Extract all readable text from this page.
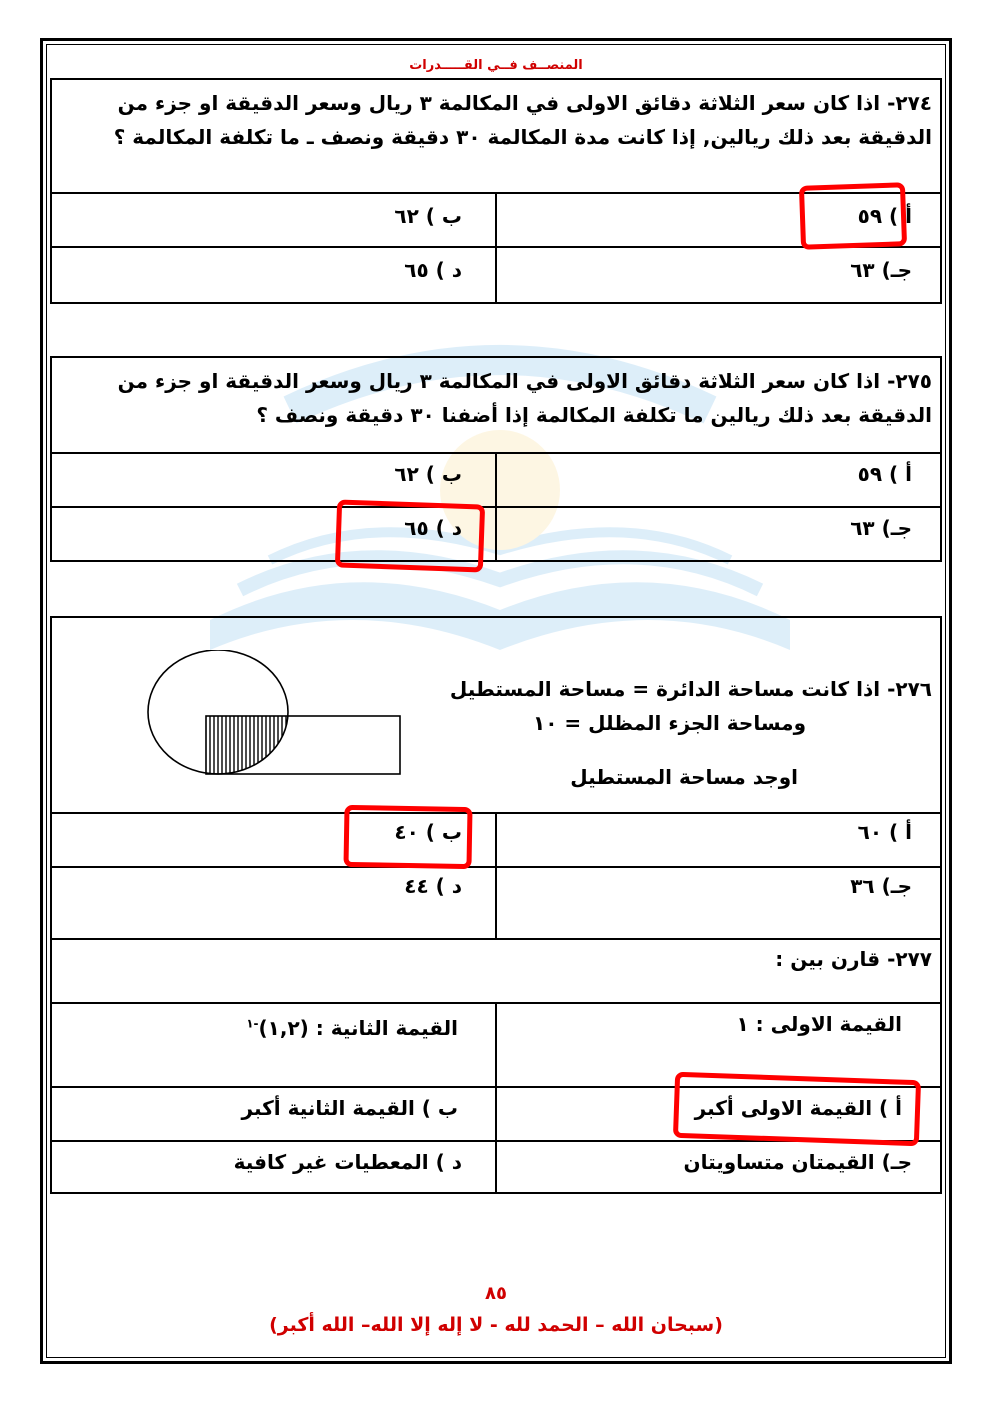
المنصــف فــي القـــــدرات
٢٧٤- اذا كان سعر الثلاثة دقائق الاولى في المكالمة ٣ ريال وسعر الدقيقة او جزء من الدقيقة بعد ذلك ريالين, إذا كانت مدة المكالمة ٣٠ دقيقة ونصف ـ ما تكلفة المكالمة ؟
أ ) ٥٩
ب ) ٦٢
جـ) ٦٣
د ) ٦٥
٢٧٥- اذا كان سعر الثلاثة دقائق الاولى في المكالمة ٣ ريال وسعر الدقيقة او جزء من الدقيقة بعد ذلك ريالين ما تكلفة المكالمة إذا أضفنا ٣٠ دقيقة ونصف ؟
أ ) ٥٩
ب ) ٦٢
جـ) ٦٣
د ) ٦٥
٢٧٦- اذا كانت مساحة الدائرة = مساحة المستطيل
ومساحة الجزء المظلل = ١٠
اوجد مساحة المستطيل
أ ) ٦٠
ب ) ٤٠
جـ) ٣٦
د ) ٤٤
٢٧٧- قارن بين :
القيمة الاولى : ١
القيمة الثانية : (١,٢)$^{-١}$
أ ) القيمة الاولى أكبر
ب ) القيمة الثانية أكبر
جـ) القيمتان متساويتان
د ) المعطيات غير كافية
٨٥
(سبحان الله – الحمد لله - لا إله إلا الله– الله أكبر)
